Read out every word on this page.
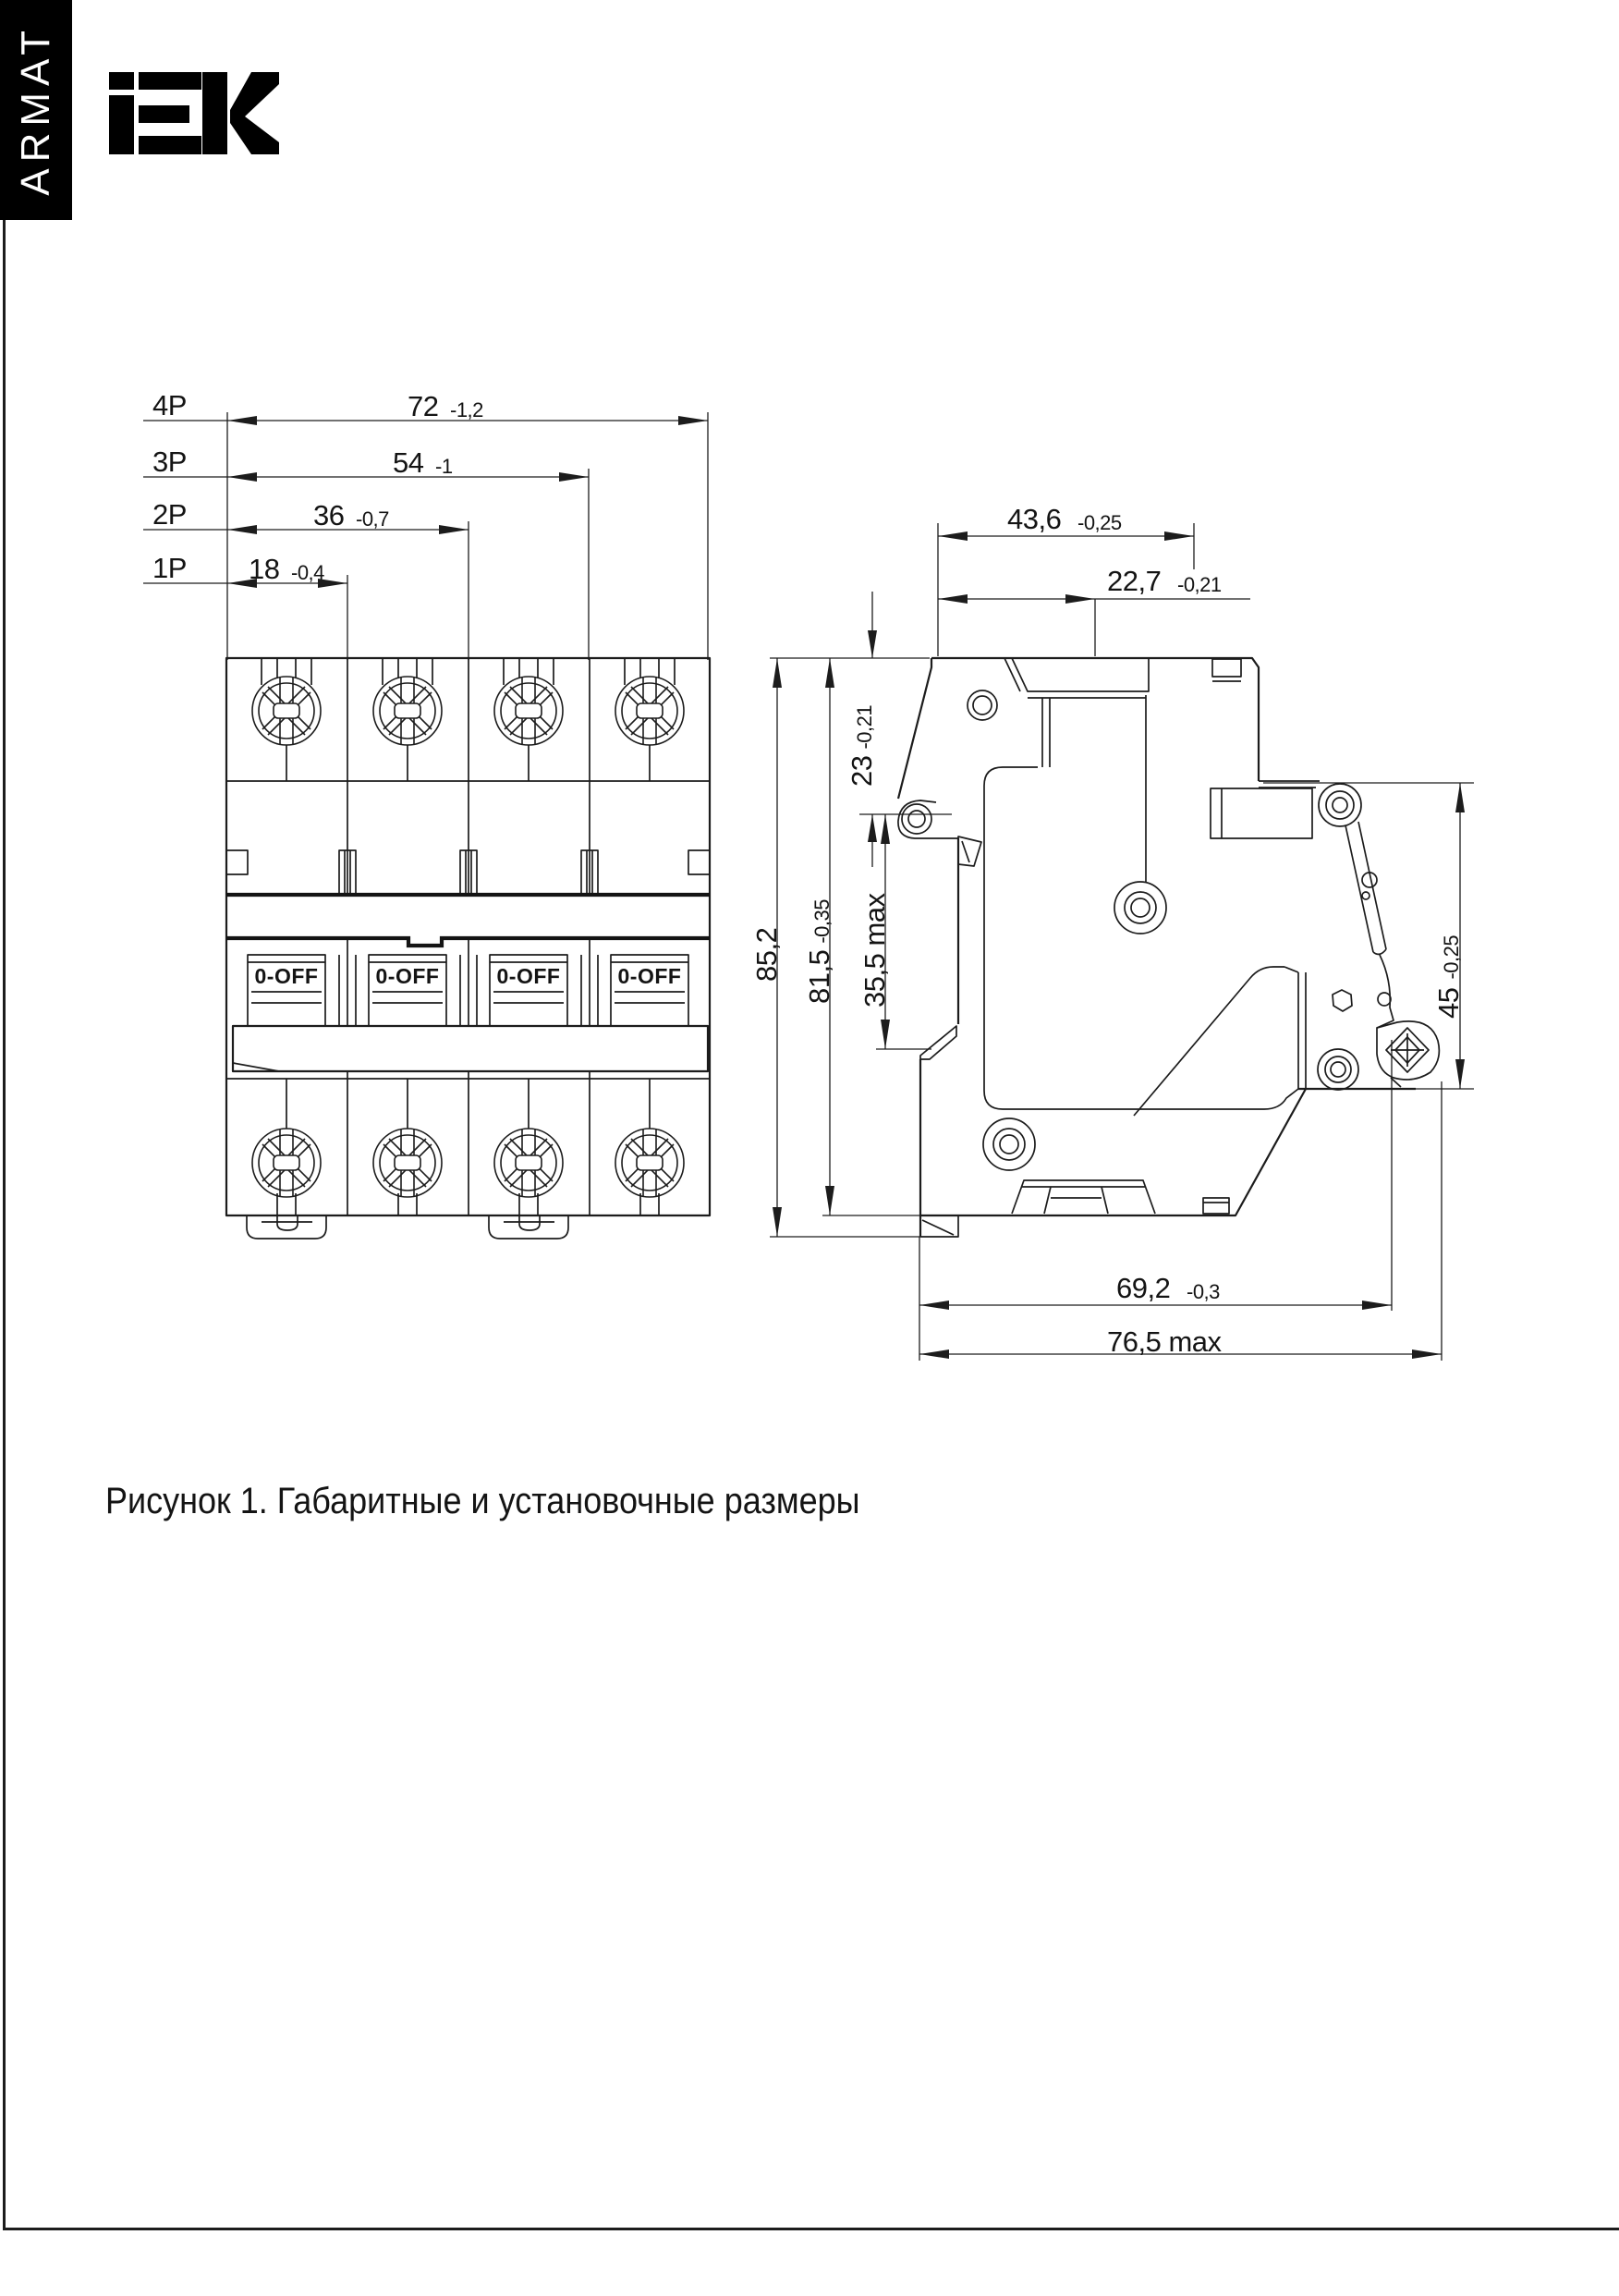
ARMAT
4P
3P
2P
1P
72 -1,2
54 -1
36 -0,7
18 -0,4
0-OFF	0-OFF	0-OFF	0-OFF
43,6 -0,25
22,7 -0,21
23-0,21
85,2 81,5-0,35 35,5 max	45-0,25
69,2 -0,3
76,5 max
Рисунок 1. Габаритные и установочные размеры
